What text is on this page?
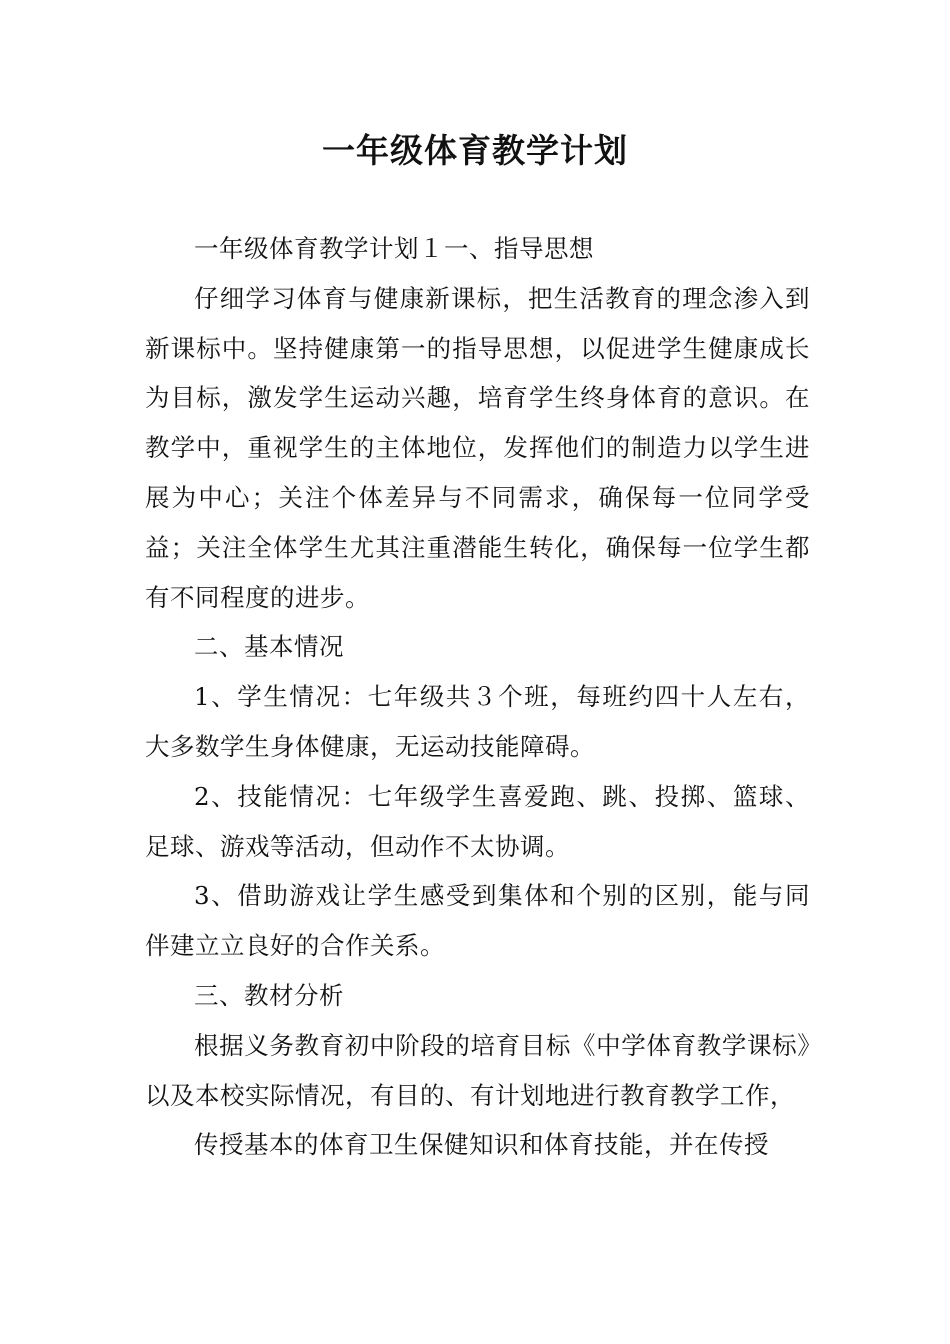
一年级体育教学计划

一年级体育教学计划１一、指导思想

仔细学习体育与健康新课标，把生活教育的理念渗入到新课标中。坚持健康第一的指导思想，以促进学生健康成长为目标，激发学生运动兴趣，培育学生终身体育的意识。在教学中，重视学生的主体地位，发挥他们的制造力以学生进展为中心；关注个体差异与不同需求，确保每一位同学受益；关注全体学生尤其注重潜能生转化，确保每一位学生都有不同程度的进步。

二、基本情况

1、学生情况：七年级共３个班，每班约四十人左右，大多数学生身体健康，无运动技能障碍。

2、技能情况：七年级学生喜爱跑、跳、投掷、篮球、足球、游戏等活动，但动作不太协调。

3、借助游戏让学生感受到集体和个别的区别，能与同伴建立立良好的合作关系。

三、教材分析

根据义务教育初中阶段的培育目标《中学体育教学课标》以及本校实际情况，有目的、有计划地进行教育教学工作，

传授基本的体育卫生保健知识和体育技能，并在传授
